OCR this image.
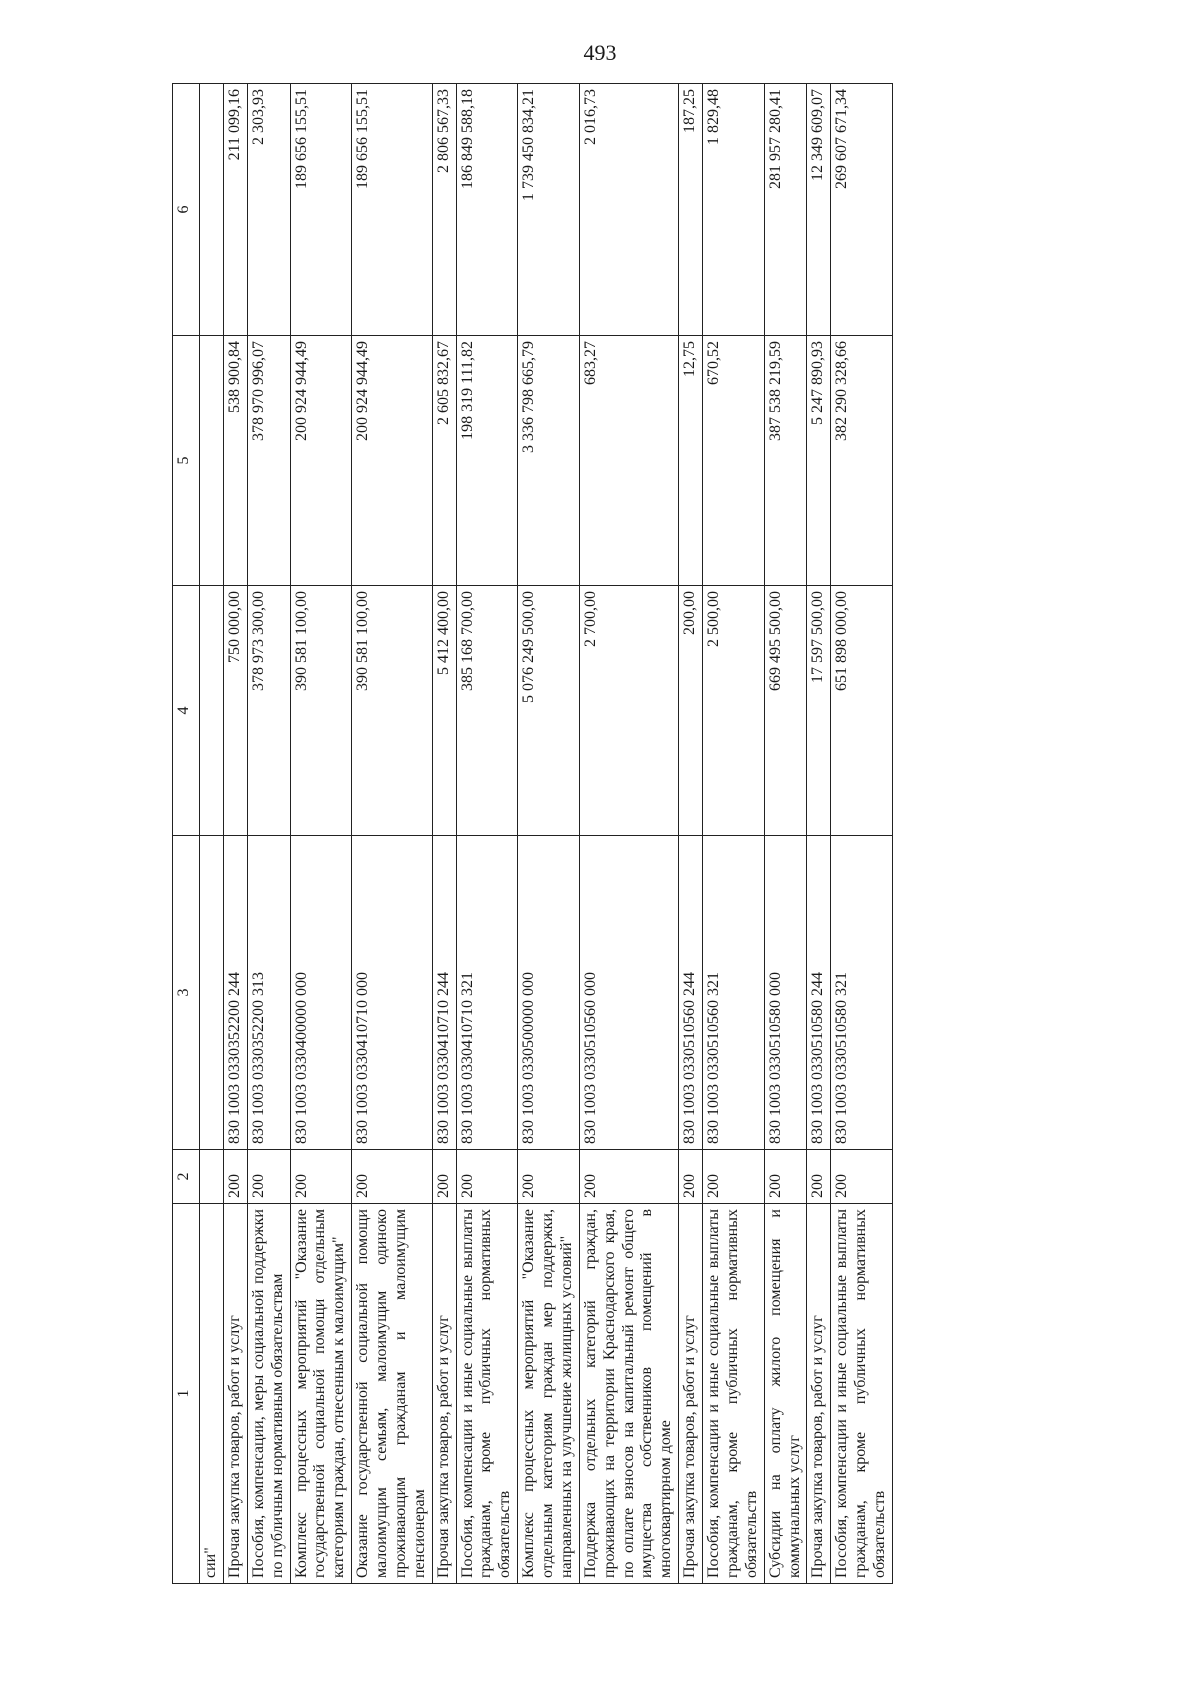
493
1	2	3	4	5	6
сии"					
Прочая закупка товаров, работ и услуг	200	830 1003 0330352200 244	750 000,00	538 900,84	211 099,16
Пособия, компенсации, меры социальной поддержки по публичным нормативным обязательствам	200	830 1003 0330352200 313	378 973 300,00	378 970 996,07	2 303,93
Комплекс процессных мероприятий "Оказание государственной социальной помощи отдельным категориям граждан, отнесенным к малоимущим"	200	830 1003 0330400000 000	390 581 100,00	200 924 944,49	189 656 155,51
Оказание государственной социальной помощи малоимущим семьям, малоимущим одиноко проживающим гражданам и малоимущим пенсионерам	200	830 1003 0330410710 000	390 581 100,00	200 924 944,49	189 656 155,51
Прочая закупка товаров, работ и услуг	200	830 1003 0330410710 244	5 412 400,00	2 605 832,67	2 806 567,33
Пособия, компенсации и иные социальные выплаты гражданам, кроме публичных нормативных обязательств	200	830 1003 0330410710 321	385 168 700,00	198 319 111,82	186 849 588,18
Комплекс процессных мероприятий "Оказание отдельным категориям граждан мер поддержки, направленных на улучшение жилищных условий"	200	830 1003 0330500000 000	5 076 249 500,00	3 336 798 665,79	1 739 450 834,21
Поддержка отдельных категорий граждан, проживающих на территории Краснодарского края, по оплате взносов на капитальный ремонт общего имущества собственников помещений в многоквартирном доме	200	830 1003 0330510560 000	2 700,00	683,27	2 016,73
Прочая закупка товаров, работ и услуг	200	830 1003 0330510560 244	200,00	12,75	187,25
Пособия, компенсации и иные социальные выплаты гражданам, кроме публичных нормативных обязательств	200	830 1003 0330510560 321	2 500,00	670,52	1 829,48
Субсидии на оплату жилого помещения и коммунальных услуг	200	830 1003 0330510580 000	669 495 500,00	387 538 219,59	281 957 280,41
Прочая закупка товаров, работ и услуг	200	830 1003 0330510580 244	17 597 500,00	5 247 890,93	12 349 609,07
Пособия, компенсации и иные социальные выплаты гражданам, кроме публичных нормативных обязательств	200	830 1003 0330510580 321	651 898 000,00	382 290 328,66	269 607 671,34
